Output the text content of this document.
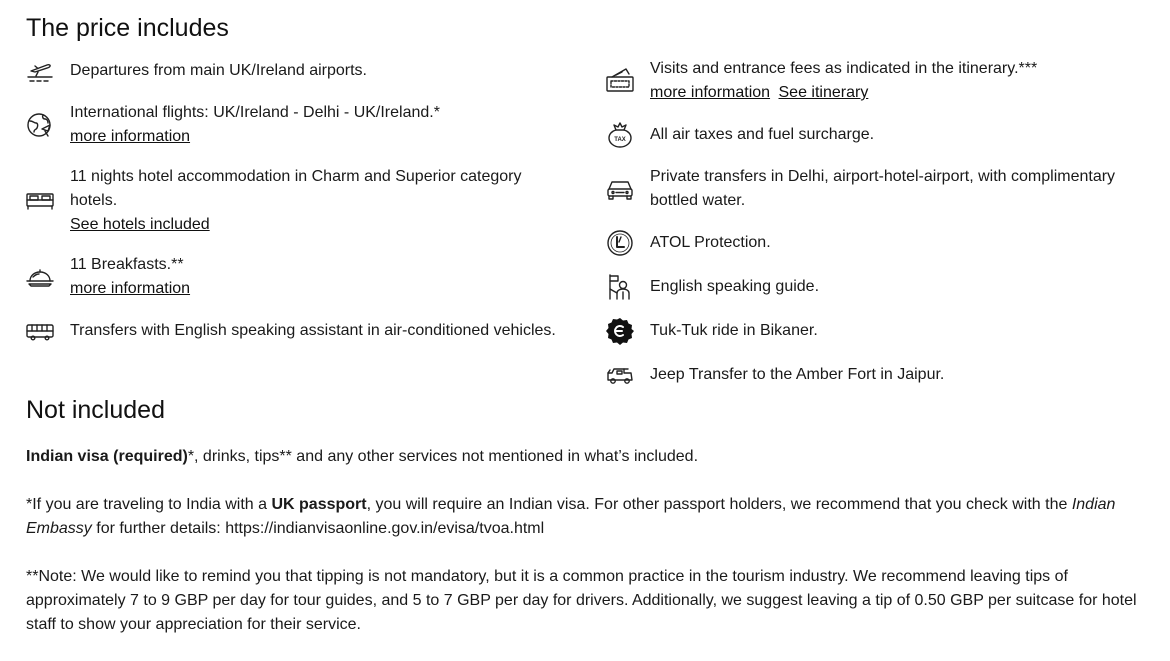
The price includes
Departures from main UK/Ireland airports.
International flights: UK/Ireland - Delhi - UK/Ireland.*
more information
11 nights hotel accommodation in Charm and Superior category hotels.
See hotels included
11 Breakfasts.**
more information
Transfers with English speaking assistant in air-conditioned vehicles.
Visits and entrance fees as indicated in the itinerary.***
more information See itinerary
TAX All air taxes and fuel surcharge.
Private transfers in Delhi, airport-hotel-airport, with complimentary bottled water.
ATOL Protection.
English speaking guide.
Tuk-Tuk ride in Bikaner.
Jeep Transfer to the Amber Fort in Jaipur.
Not included

Indian visa (required)*, drinks, tips** and any other services not mentioned in what’s included.

*If you are traveling to India with a UK passport, you will require an Indian visa. For other passport holders, we recommend that you check with the Indian Embassy for further details: https://indianvisaonline.gov.in/evisa/tvoa.html

**Note: We would like to remind you that tipping is not mandatory, but it is a common practice in the tourism industry. We recommend leaving tips of approximately 7 to 9 GBP per day for tour guides, and 5 to 7 GBP per day for drivers. Additionally, we suggest leaving a tip of 0.50 GBP per suitcase for hotel staff to show your appreciation for their service.
